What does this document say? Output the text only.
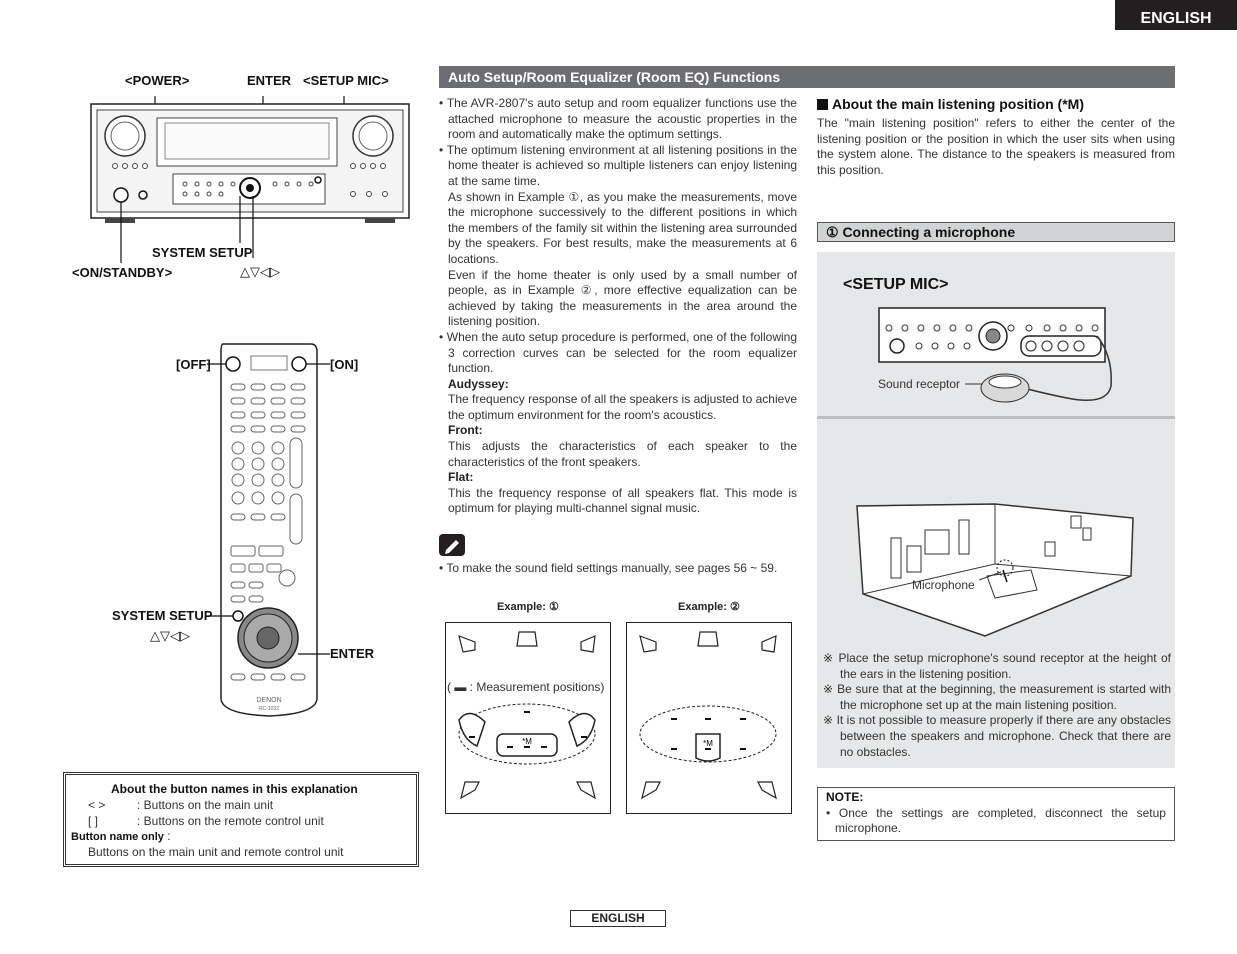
ENGLISH
<POWER>	ENTER <SETUP MIC>
SYSTEM SETUP
<ON/STANDBY>	△▽◁▷
[OFF]	[ON]
SYSTEM SETUP
△▽◁▷
ENTER
DENON
RC-1032
About the button names in this explanation
< >	: Buttons on the main unit
[ ]	: Buttons on the remote control unit
Button name only :
Buttons on the main unit and remote control unit
Auto Setup/Room Equalizer (Room EQ) Functions

• The AVR-2807's auto setup and room equalizer functions use the attached microphone to measure the acoustic properties in the room and automatically make the optimum settings.

• The optimum listening environment at all listening positions in the home theater is achieved so multiple listeners can enjoy listening at the same time.

As shown in Example ①, as you make the measurements, move the microphone successively to the different positions in which the members of the family sit within the listening area surrounded by the speakers. For best results, make the measurements at 6 locations.

Even if the home theater is only used by a small number of people, as in Example ②, more effective equalization can be achieved by taking the measurements in the area around the listening position.

• When the auto setup procedure is performed, one of the following 3 correction curves can be selected for the room equalizer function.

Audyssey:

The frequency response of all the speakers is adjusted to achieve the optimum environment for the room's acoustics.

Front:

This adjusts the characteristics of each speaker to the characteristics of the front speakers.

Flat:

This the frequency response of all speakers flat. This mode is optimum for playing multi-channel signal music.

• To make the sound field settings manually, see pages 56 ~ 59.
Example: ①	Example: ②
*M
( ▬ : Measurement positions)
*M
About the main listening position (*M)
The "main listening position" refers to either the center of the listening position or the position in which the user sits when using the system alone. The distance to the speakers is measured from this position.
① Connecting a microphone
<SETUP MIC>
Sound receptor
Microphone

※ Place the setup microphone's sound receptor at the height of the ears in the listening position.

※ Be sure that at the beginning, the measurement is started with the microphone set up at the main listening position.

※ It is not possible to measure properly if there are any obstacles between the speakers and microphone. Check that there are no obstacles.

NOTE:
• Once the settings are completed, disconnect the setup microphone.
ENGLISH
